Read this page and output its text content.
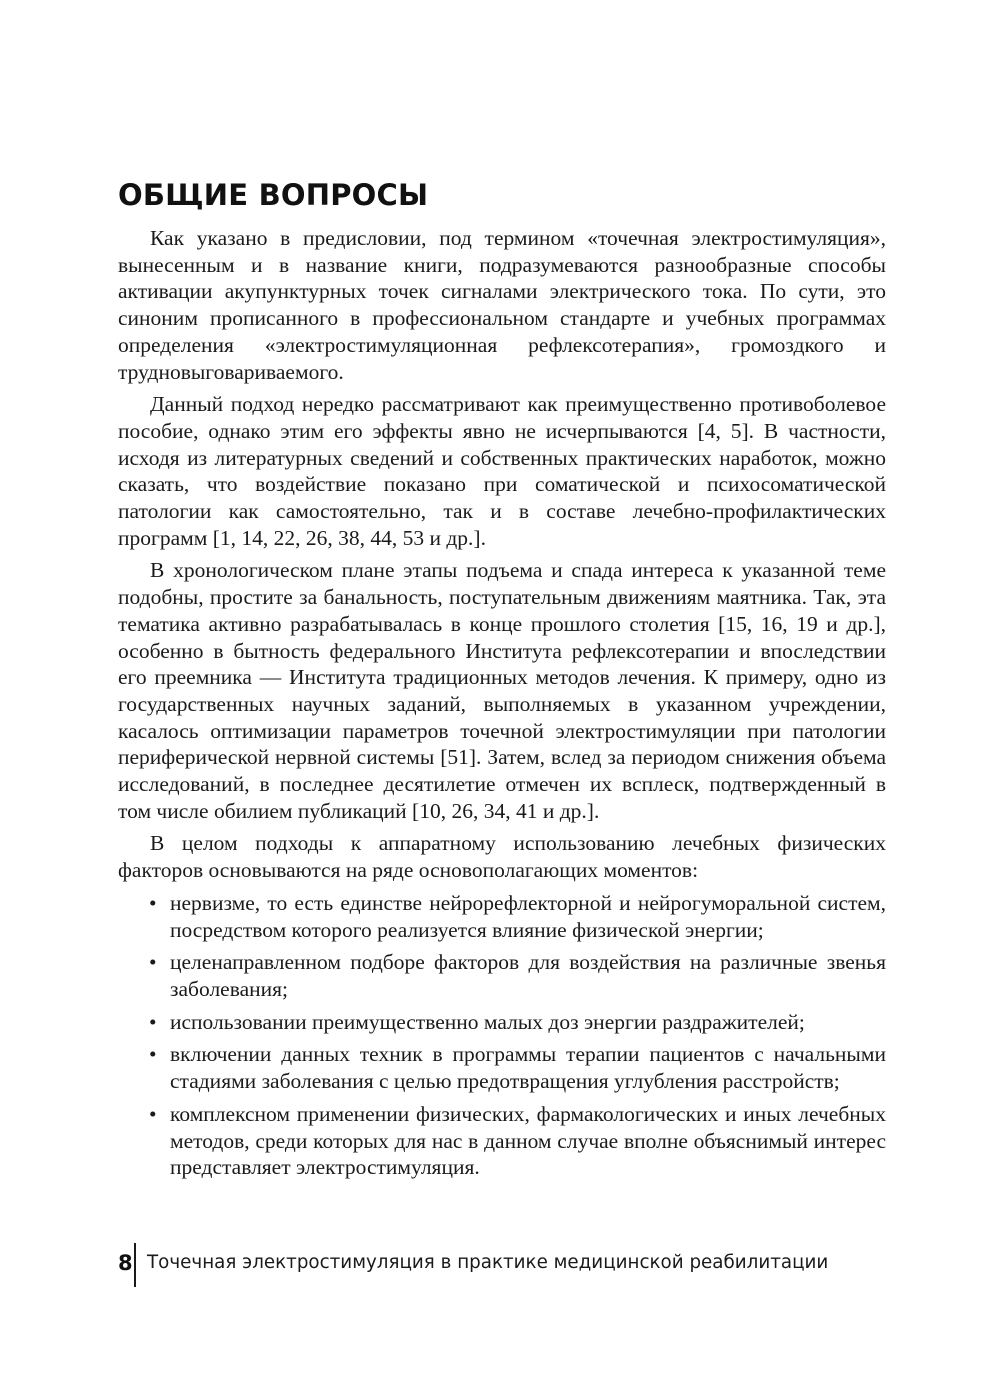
ОБЩИЕ ВОПРОСЫ

Как указано в предисловии, под термином «точечная электростимуляция», вынесенным и в название книги, подразумеваются разнообразные способы активации акупунктурных точек сигналами электрического тока. По сути, это синоним прописанного в профессиональном стандарте и учебных программах определения «электростимуляционная рефлексотерапия», громоздкого и трудновыговариваемого.

Данный подход нередко рассматривают как преимущественно противоболевое пособие, однако этим его эффекты явно не исчерпываются [4, 5]. В частности, исходя из литературных сведений и собственных практических наработок, можно сказать, что воздействие показано при соматической и психосоматической патологии как самостоятельно, так и в составе лечебно-профилактических программ [1, 14, 22, 26, 38, 44, 53 и др.].

В хронологическом плане этапы подъема и спада интереса к указанной теме подобны, простите за банальность, поступательным движениям маятника. Так, эта тематика активно разрабатывалась в конце прошлого столетия [15, 16, 19 и др.], особенно в бытность федерального Института рефлексотерапии и впоследствии его преемника — Института традиционных методов лечения. К примеру, одно из государственных научных заданий, выполняемых в указанном учреждении, касалось оптимизации параметров точечной электростимуляции при патологии периферической нервной системы [51]. Затем, вслед за периодом снижения объема исследований, в последнее десятилетие отмечен их всплеск, подтвержденный в том числе обилием публикаций [10, 26, 34, 41 и др.].

В целом подходы к аппаратному использованию лечебных физических факторов основываются на ряде основополагающих моментов:

• нервизме, то есть единстве нейрорефлекторной и нейрогуморальной систем, посредством которого реализуется влияние физической энергии;
• целенаправленном подборе факторов для воздействия на различные звенья заболевания;
• использовании преимущественно малых доз энергии раздражителей;
• включении данных техник в программы терапии пациентов с начальными стадиями заболевания с целью предотвращения углубления расстройств;
• комплексном применении физических, фармакологических и иных лечебных методов, среди которых для нас в данном случае вполне объяснимый интерес представляет электростимуляция.
8 Точечная электростимуляция в практике медицинской реабилитации
